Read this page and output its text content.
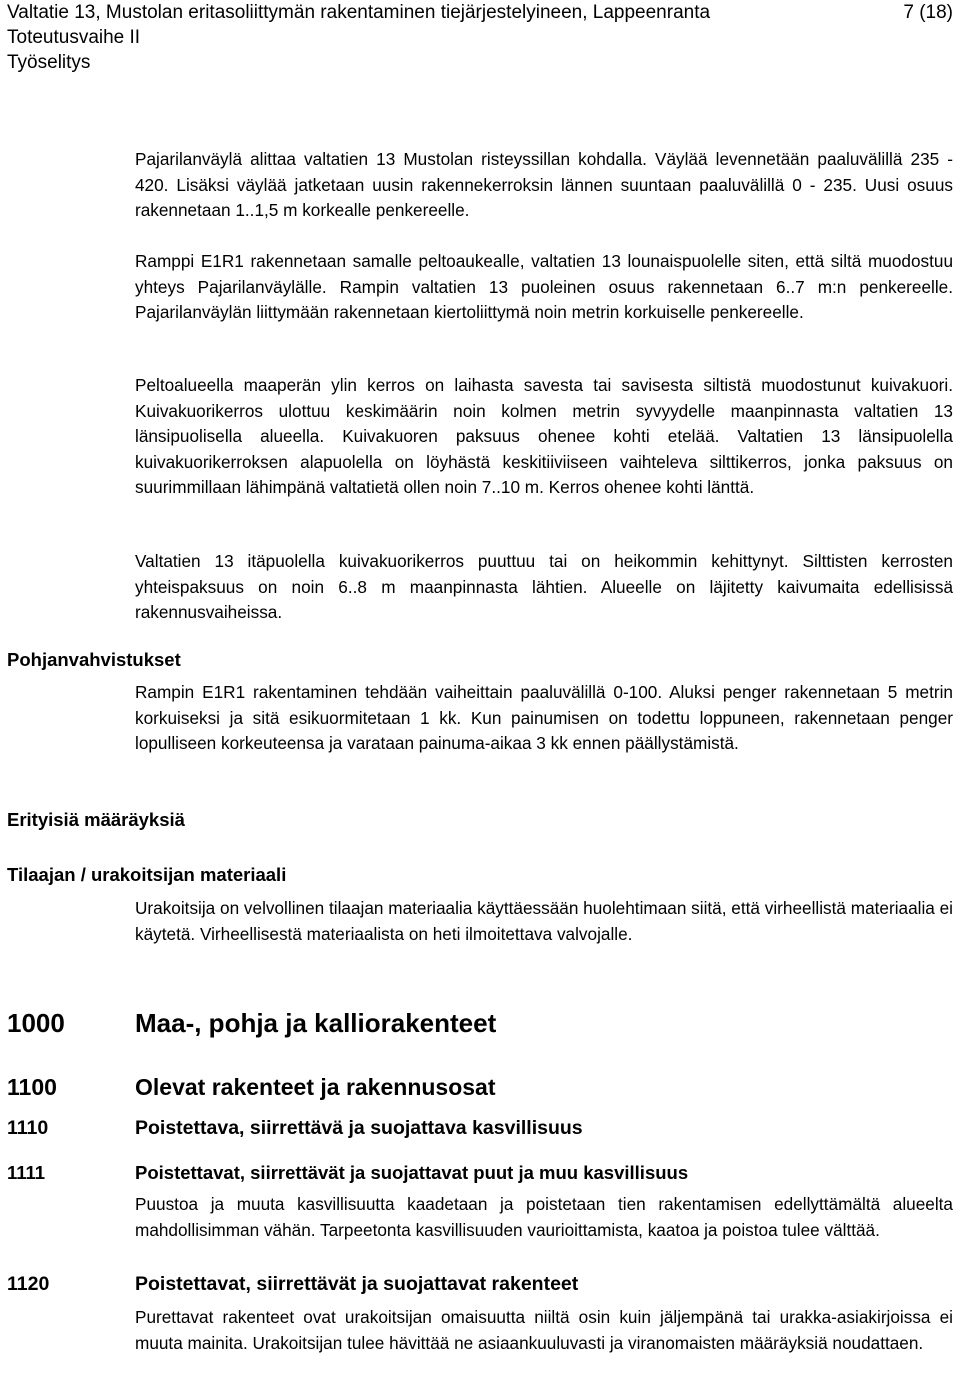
Valtatie 13, Mustolan eritasoliittymän rakentaminen tiejärjestelyineen, Lappeenranta	7 (18)
Toteutusvaihe II
Työselitys
Pajarilanväylä alittaa valtatien 13 Mustolan risteyssillan kohdalla. Väylää levennetään paaluvälillä 235 - 420. Lisäksi väylää jatketaan uusin rakennekerroksin lännen suuntaan paaluvälillä 0 - 235. Uusi osuus rakennetaan 1..1,5 m korkealle penkereelle.
Ramppi E1R1 rakennetaan samalle peltoaukealle, valtatien 13 lounaispuolelle siten, että siltä muodostuu yhteys Pajarilanväylälle. Rampin valtatien 13 puoleinen osuus rakennetaan 6..7 m:n penkereelle. Pajarilanväylän liittymään rakennetaan kiertoliittymä noin metrin korkuiselle penkereelle.
Peltoalueella maaperän ylin kerros on laihasta savesta tai savisesta siltistä muodostunut kuivakuori. Kuivakuorikerros ulottuu keskimäärin noin kolmen metrin syvyydelle maanpinnasta valtatien 13 länsipuolisella alueella. Kuivakuoren paksuus ohenee kohti etelää. Valtatien 13 länsipuolella kuivakuorikerroksen alapuolella on löyhästä keskitiiviiseen vaihteleva silttikerros, jonka paksuus on suurimmillaan lähimpänä valtatietä ollen noin 7..10 m. Kerros ohenee kohti länttä.
Valtatien 13 itäpuolella kuivakuorikerros puuttuu tai on heikommin kehittynyt. Silttisten kerrosten yhteispaksuus on noin 6..8 m maanpinnasta lähtien. Alueelle on läjitetty kaivumaita edellisissä rakennusvaiheissa.
Pohjanvahvistukset
Rampin E1R1 rakentaminen tehdään vaiheittain paaluvälillä 0-100. Aluksi penger rakennetaan 5 metrin korkuiseksi ja sitä esikuormitetaan 1 kk. Kun painumisen on todettu loppuneen, rakennetaan penger lopulliseen korkeuteensa ja varataan painuma-aikaa 3 kk ennen päällystämistä.
Erityisiä määräyksiä
Tilaajan / urakoitsijan materiaali
Urakoitsija on velvollinen tilaajan materiaalia käyttäessään huolehtimaan siitä, että virheellistä materiaalia ei käytetä. Virheellisestä materiaalista on heti ilmoitettava valvojalle.
1000	Maa-, pohja ja kalliorakenteet
1100	Olevat rakenteet ja rakennusosat
1110	Poistettava, siirrettävä ja suojattava kasvillisuus
1111	Poistettavat, siirrettävät ja suojattavat puut ja muu kasvillisuus
Puustoa ja muuta kasvillisuutta kaadetaan ja poistetaan tien rakentamisen edellyttämältä alueelta mahdollisimman vähän. Tarpeetonta kasvillisuuden vaurioittamista, kaatoa ja poistoa tulee välttää.
1120	Poistettavat, siirrettävät ja suojattavat rakenteet
Purettavat rakenteet ovat urakoitsijan omaisuutta niiltä osin kuin jäljempänä tai urakka-asiakirjoissa ei muuta mainita. Urakoitsijan tulee hävittää ne asiaankuuluvasti ja viranomaisten määräyksiä noudattaen.
